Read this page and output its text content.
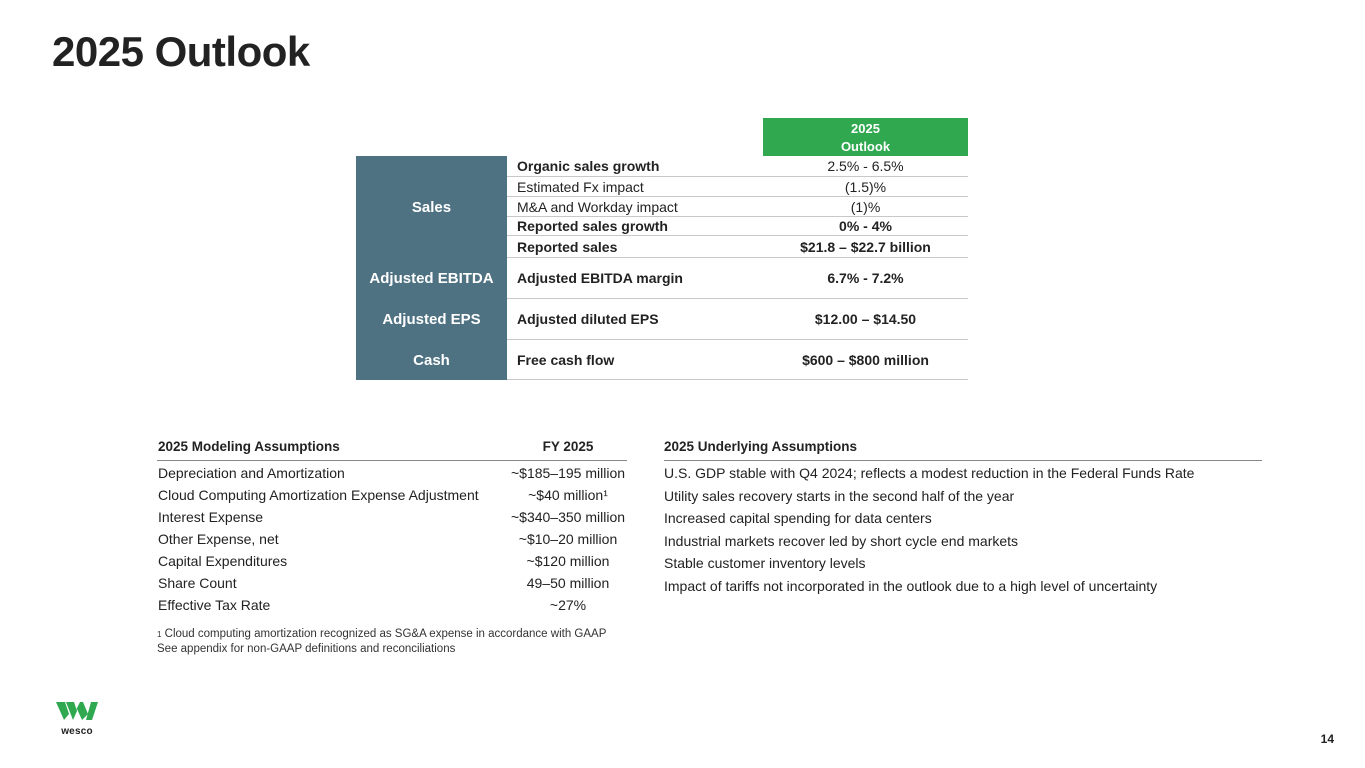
2025 Outlook
2025
Outlook
Sales
Organic sales growth	2.5% - 6.5%
Estimated Fx impact	(1.5)%
M&A and Workday impact	(1)%
Reported sales growth	0% - 4%
Reported sales	$21.8 – $22.7 billion
Adjusted EBITDA	Adjusted EBITDA margin	6.7% - 7.2%
Adjusted EPS	Adjusted diluted EPS	$12.00 – $14.50
Cash	Free cash flow	$600 – $800 million
2025 Modeling Assumptions	FY 2025
Depreciation and Amortization	~$185–195 million
Cloud Computing Amortization Expense Adjustment	~$40 million¹
Interest Expense	~$340–350 million
Other Expense, net	~$10–20 million
Capital Expenditures	~$120 million
Share Count	49–50 million
Effective Tax Rate	~27%
$^1$ Cloud computing amortization recognized as SG&A expense in accordance with GAAP
See appendix for non-GAAP definitions and reconciliations
2025 Underlying Assumptions
U.S. GDP stable with Q4 2024; reflects a modest reduction in the Federal Funds Rate
Utility sales recovery starts in the second half of the year
Increased capital spending for data centers
Industrial markets recover led by short cycle end markets
Stable customer inventory levels
Impact of tariffs not incorporated in the outlook due to a high level of uncertainty
wesco
14
